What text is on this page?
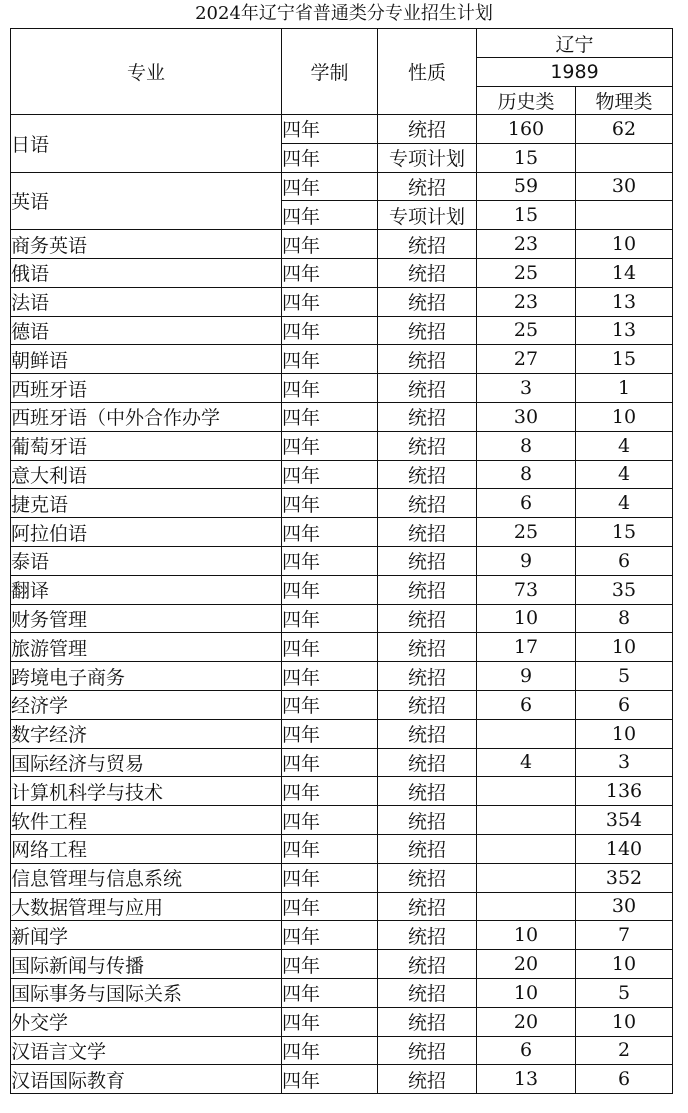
2024年辽宁省普通类分专业招生计划
专业	学制	性质	辽宁	
			1989	
			历史类	物理类
日语	四年	统招	160	62
	四年	专项计划	15	
英语	四年	统招	59	30
	四年	专项计划	15	
商务英语	四年	统招	23	10
俄语	四年	统招	25	14
法语	四年	统招	23	13
德语	四年	统招	25	13
朝鲜语	四年	统招	27	15
西班牙语	四年	统招	3	1
西班牙语（中外合作办学	四年	统招	30	10
葡萄牙语	四年	统招	8	4
意大利语	四年	统招	8	4
捷克语	四年	统招	6	4
阿拉伯语	四年	统招	25	15
泰语	四年	统招	9	6
翻译	四年	统招	73	35
财务管理	四年	统招	10	8
旅游管理	四年	统招	17	10
跨境电子商务	四年	统招	9	5
经济学	四年	统招	6	6
数字经济	四年	统招		10
国际经济与贸易	四年	统招	4	3
计算机科学与技术	四年	统招		136
软件工程	四年	统招		354
网络工程	四年	统招		140
信息管理与信息系统	四年	统招		352
大数据管理与应用	四年	统招		30
新闻学	四年	统招	10	7
国际新闻与传播	四年	统招	20	10
国际事务与国际关系	四年	统招	10	5
外交学	四年	统招	20	10
汉语言文学	四年	统招	6	2
汉语国际教育	四年	统招	13	6
